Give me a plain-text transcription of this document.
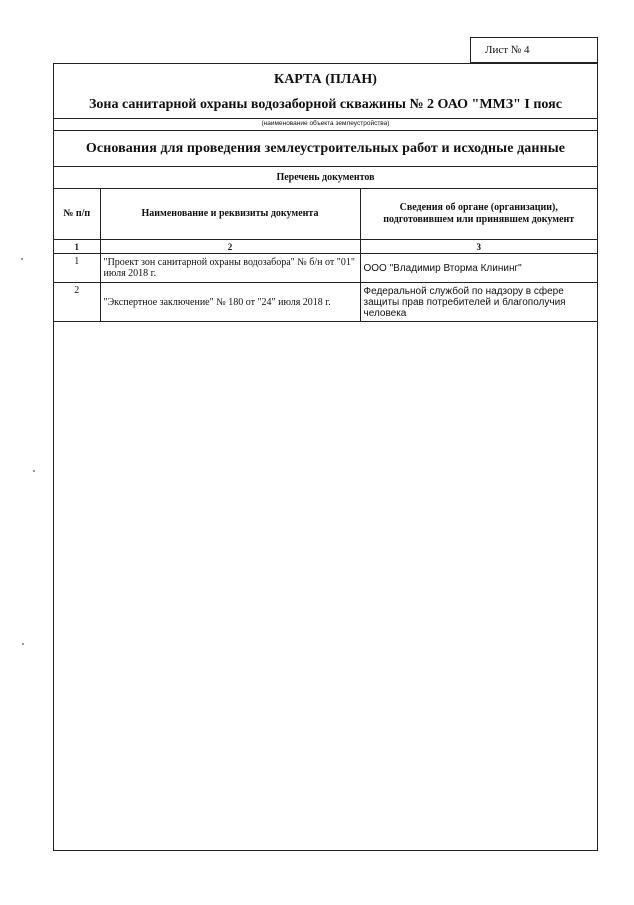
Лист № 4
КАРТА (ПЛАН)
Зона санитарной охраны водозаборной скважины № 2 ОАО "ММЗ" I пояс
(наименование объекта землеустройства)
Основания для проведения землеустроительных работ и исходные данные
Перечень документов
№ п/п	Наименование и реквизиты документа	Сведения об органе (организации), подготовившем или принявшем документ
1	2	3
1	"Проект зон санитарной охраны водозабора" № б/н от "01" июля 2018 г.	ООО "Владимир Вторма Клининг"
2	"Экспертное заключение" № 180 от "24" июля 2018 г.	Федеральной службой по надзору в сфере защиты прав потребителей и благополучия человека
